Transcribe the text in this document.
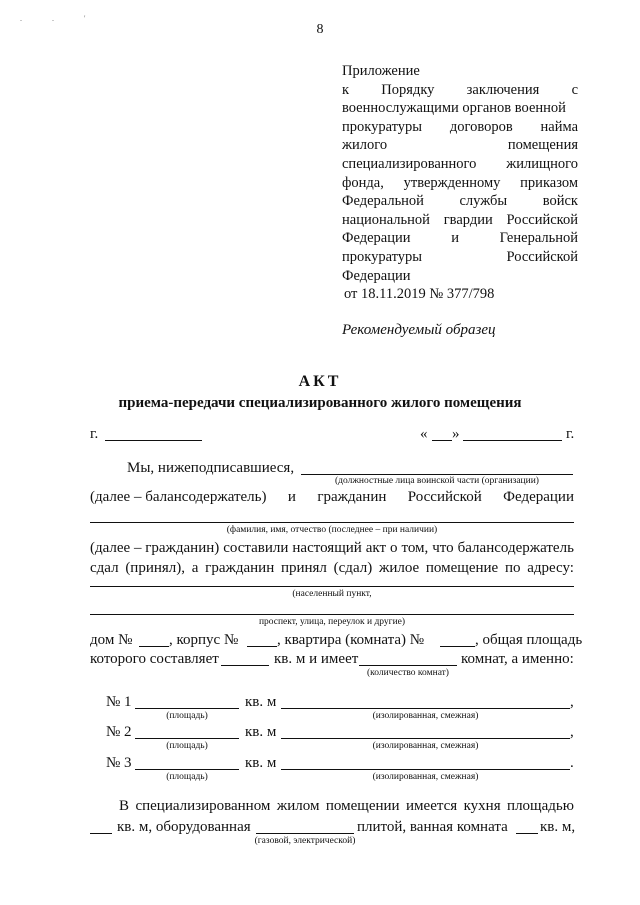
. . '
8
Приложение
к Порядку заключения с
военнослужащими органов военной
прокуратуры договоров найма
жилого	помещения
специализированного жилищного
фонда, утвержденному приказом
Федеральной службы войск
национальной гвардии Российской
Федерации	и	Генеральной
прокуратуры	Российской
Федерации
от 18.11.2019 № 377/798
Рекомендуемый образец
АКТ
приема-передачи специализированного жилого помещения
г.	« »	г.
Мы, нижеподписавшиеся,
(должностные лица воинской части (организации)
(далее – балансодержатель) и гражданин Российской Федерации
(фамилия, имя, отчество (последнее – при наличии)
(далее – гражданин) составили настоящий акт о том, что балансодержатель
сдал (принял), а гражданин принял (сдал) жилое помещение по адресу:
(населенный пункт,
проспект, улица, переулок и другие)
дом № , корпус №	, квартира (комната) №	, общая площадь
которого составляет	кв. м и имеет	комнат, а именно:
(количество комнат)
№ 1	кв. м	,
(площадь)	(изолированная, смежная)
№ 2	кв. м	,
(площадь)	(изолированная, смежная)
№ 3	кв. м	.
(площадь)	(изолированная, смежная)
В специализированном жилом помещении имеется кухня площадью
кв. м, оборудованная	плитой, ванная комната кв. м,
(газовой, электрической)
